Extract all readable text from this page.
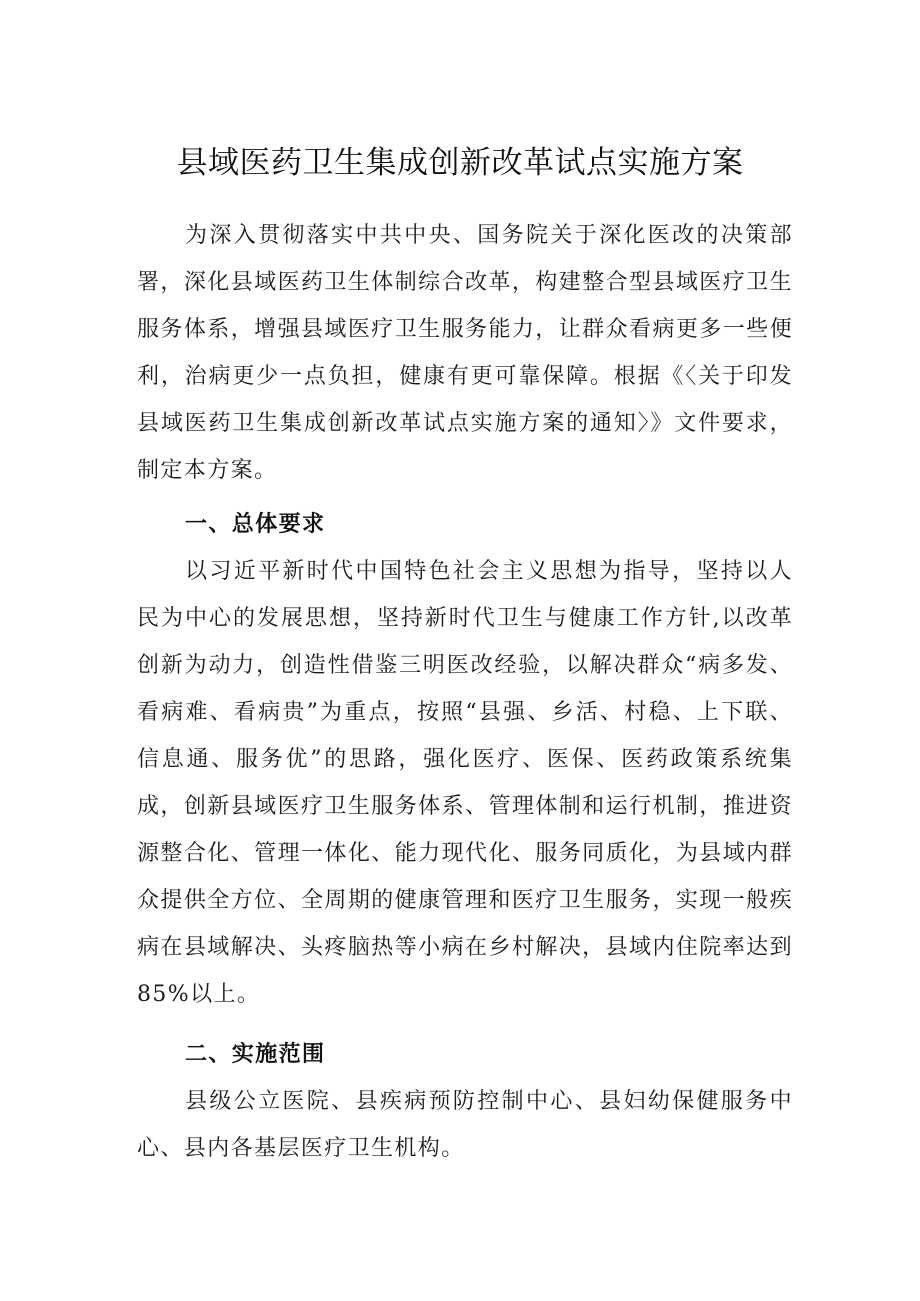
县域医药卫生集成创新改革试点实施方案

为深入贯彻落实中共中央、国务院关于深化医改的决策部署，深化县域医药卫生体制综合改革，构建整合型县域医疗卫生服务体系，增强县域医疗卫生服务能力，让群众看病更多一些便利，治病更少一点负担，健康有更可靠保障。根据《〈关于印发县域医药卫生集成创新改革试点实施方案的通知〉》文件要求，制定本方案。

一、总体要求

以习近平新时代中国特色社会主义思想为指导，坚持以人民为中心的发展思想，坚持新时代卫生与健康工作方针,以改革创新为动力，创造性借鉴三明医改经验，以解决群众“病多发、看病难、看病贵”为重点，按照“县强、乡活、村稳、上下联、信息通、服务优”的思路，强化医疗、医保、医药政策系统集成，创新县域医疗卫生服务体系、管理体制和运行机制，推进资源整合化、管理一体化、能力现代化、服务同质化，为县域内群众提供全方位、全周期的健康管理和医疗卫生服务，实现一般疾病在县域解决、头疼脑热等小病在乡村解决，县域内住院率达到85%以上。

二、实施范围

县级公立医院、县疾病预防控制中心、县妇幼保健服务中心、县内各基层医疗卫生机构。
